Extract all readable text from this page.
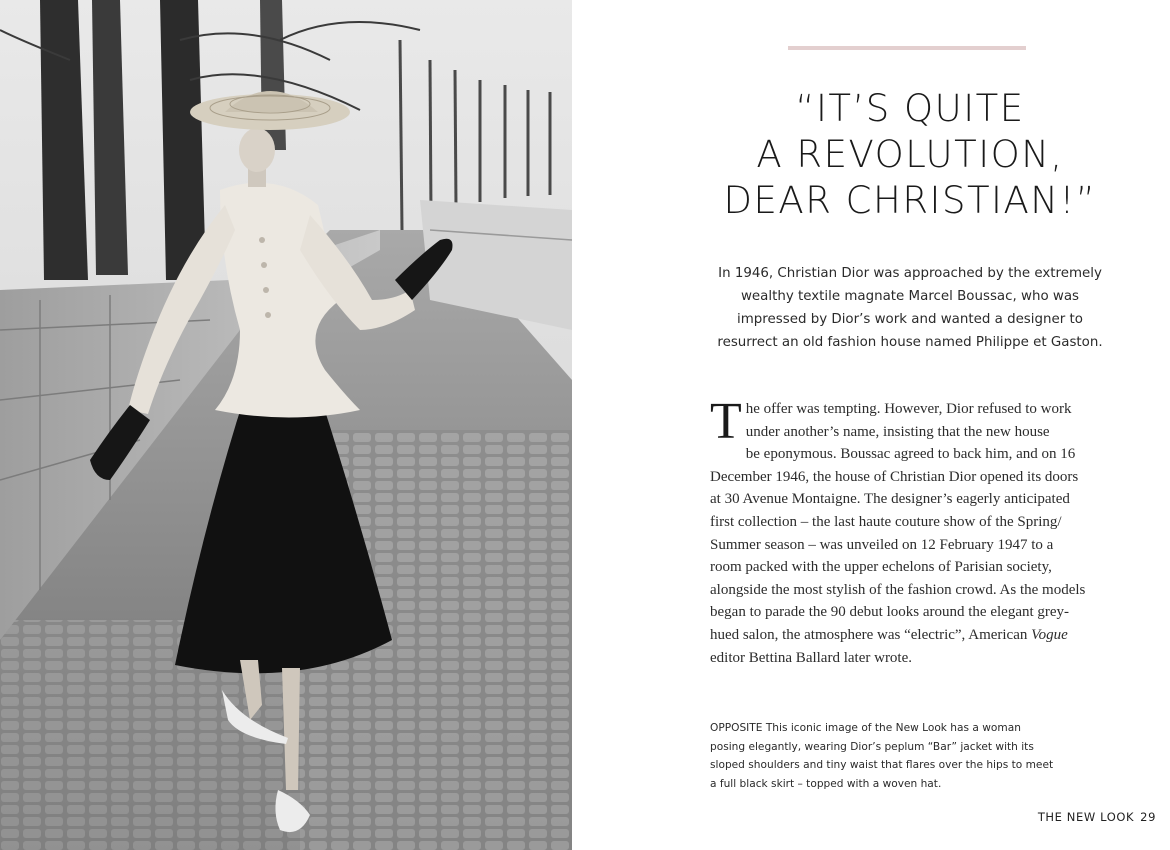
“IT’S QUITE
A REVOLUTION,
DEAR CHRISTIAN!”

In 1946, Christian Dior was approached by the extremely wealthy textile magnate Marcel Boussac, who was impressed by Dior’s work and wanted a designer to resurrect an old fashion house named Philippe et Gaston.

T he offer was tempting. However, Dior refused to work
under another’s name, insisting that the new house
be eponymous. Boussac agreed to back him, and on 16
December 1946, the house of Christian Dior opened its doors
at 30 Avenue Montaigne. The designer’s eagerly anticipated
first collection – the last haute couture show of the Spring/
Summer season – was unveiled on 12 February 1947 to a
room packed with the upper echelons of Parisian society,
alongside the most stylish of the fashion crowd. As the models
began to parade the 90 debut looks around the elegant grey-
hued salon, the atmosphere was “electric”, American Vogue
editor Bettina Ballard later wrote.
OPPOSITE This iconic image of the New Look has a woman
posing elegantly, wearing Dior’s peplum “Bar” jacket with its
sloped shoulders and tiny waist that flares over the hips to meet
a full black skirt – topped with a woven hat.
THE NEW LOOK 29
